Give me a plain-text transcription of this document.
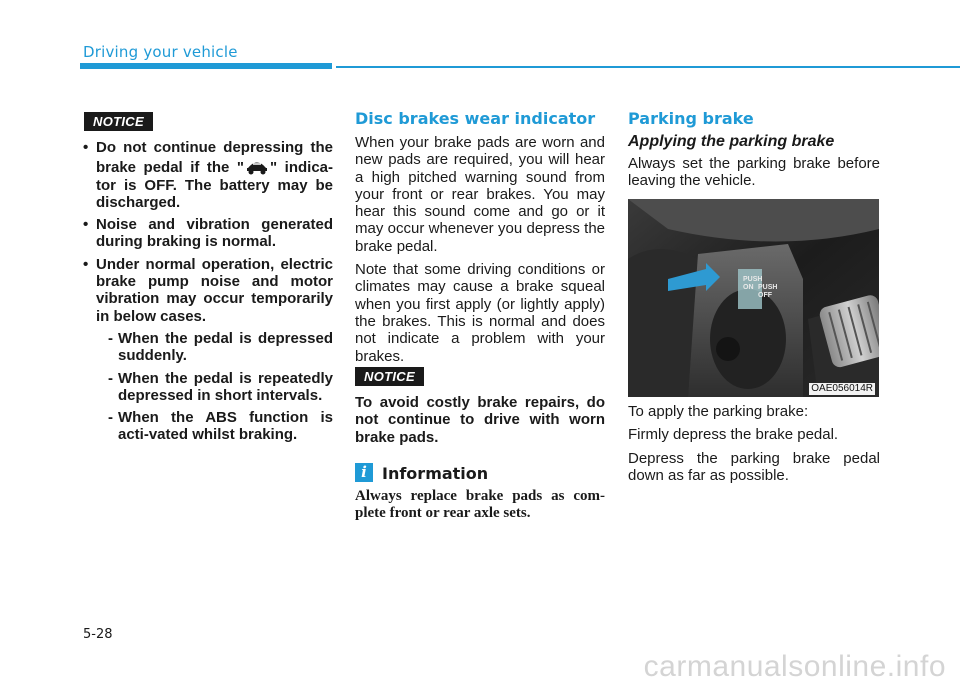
Driving your vehicle
NOTICE
• Do not continue depressing the brake pedal if the " " indica-tor is OFF. The battery may be discharged.
• Noise and vibration generated during braking is normal.
• Under normal operation, electric brake pump noise and motor vibration may occur temporarily in below cases.
- When the pedal is depressed suddenly.
- When the pedal is repeatedly depressed in short intervals.
- When the ABS function is acti-vated whilst braking.
Disc brakes wear indicator

When your brake pads are worn and new pads are required, you will hear a high pitched warning sound from your front or rear brakes. You may hear this sound come and go or it may occur whenever you depress the brake pedal.

Note that some driving conditions or climates may cause a brake squeal when you first apply (or lightly apply) the brakes. This is normal and does not indicate a problem with your brakes.

NOTICE

To avoid costly brake repairs, do not continue to drive with worn brake pads.

i Information

Always replace brake pads as com-plete front or rear axle sets.

Parking brake
Applying the parking brake

Always set the parking brake before leaving the vehicle.

PUSH ON PUSH OFF
OAE056014R

To apply the parking brake:

Firmly depress the brake pedal.

Depress the parking brake pedal down as far as possible.

5-28
carmanualsonline.info
